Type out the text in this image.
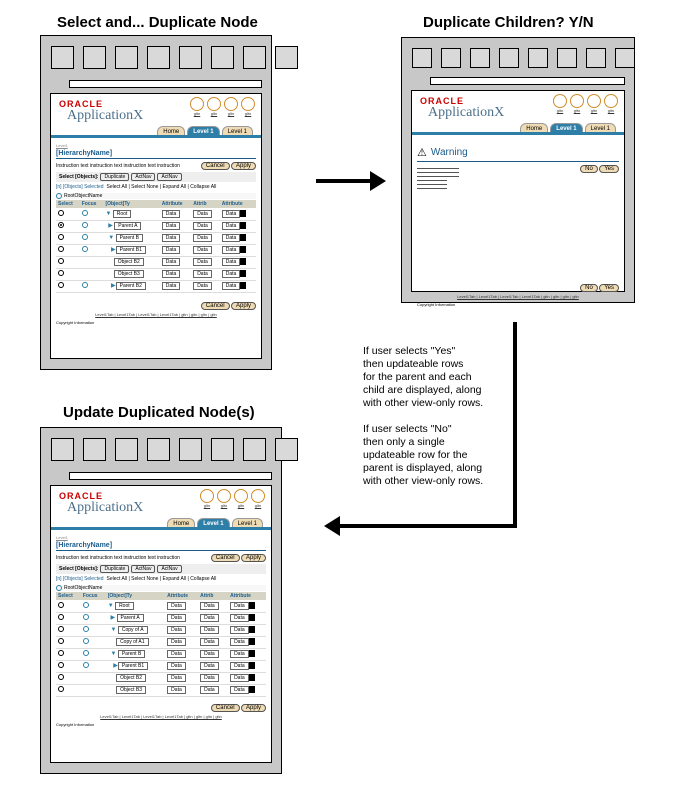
Select and... Duplicate Node	Duplicate Children? Y/N
Update Duplicated Node(s)
ORACLE
ApplicationX	gltn	gltn	gltn	gltn
Home	Level 1	Level 1
Level1
[HierarchyName]
Instruction text instruction text instruction text instruction	Cancel Apply
Select [Objects]:	Duplicate	ActNav	ActNav
[n] [Objects] Selected Select All | Select None | Expand All | Collapse All
RootObjectName
Select	Focus	[Object]Ty	Attribute	Attrib	Attribute
		▼ Root	Data	Data	Data
		▶ Parent A	Data	Data	Data
		▼ Parent B	Data	Data	Data
		▶ Parent B1	Data	Data	Data
		Object B2	Data	Data	Data
		Object B3	Data	Data	Data
		▶ Parent B2	Data	Data	Data
Cancel Apply
Level1Tab | Level1Tab | Level1Tab | Level1Tab | gltn | gltn | gltn | gltn
Copyright Information
ORACLE
ApplicationX	gltn	gltn	gltn	gltn
Home	Level 1	Level 1
⚠ Warning
▬▬▬▬▬▬▬▬▬▬▬▬▬▬
▬▬▬▬▬▬▬▬▬▬▬▬▬▬
▬▬▬▬▬▬▬▬▬▬▬▬▬▬
▬▬▬▬▬▬▬▬▬▬
▬▬▬▬▬▬▬▬▬▬
▬▬▬▬▬▬▬▬▬▬
No Yes
No Yes
Level1Tab | Level1Tab | Level1Tab | Level1Tab | gltn | gltn | gltn | gltn
Copyright Information
ORACLE
ApplicationX	gltn	gltn	gltn	gltn
Home	Level 1	Level 1
Level1
[HierarchyName]
Instruction text instruction text instruction text instruction	Cancel Apply
Select [Objects]:	Duplicate	ActNav	ActNav
[n] [Objects] Selected Select All | Select None | Expand All | Collapse All
RootObjectName
Select	Focus	[Object]Ty	Attribute	Attrib	Attribute
		▼ Root	Data	Data	Data
		▶ Parent A	Data	Data	Data
		▼ Copy of A	Data	Data	Data
		Copy of A1	Data	Data	Data
		▼ Parent B	Data	Data	Data
		▶ Parent B1	Data	Data	Data
		Object B2	Data	Data	Data
		Object B3	Data	Data	Data
Cancel Apply
Level1Tab | Level1Tab | Level1Tab | Level1Tab | gltn | gltn | gltn | gltn
Copyright Information
If user selects "Yes"
then updateable rows
for the parent and each
child are displayed, along
with other view-only rows.

If user selects "No"
then only a single
updateable row for the
parent is displayed, along
with other view-only rows.
